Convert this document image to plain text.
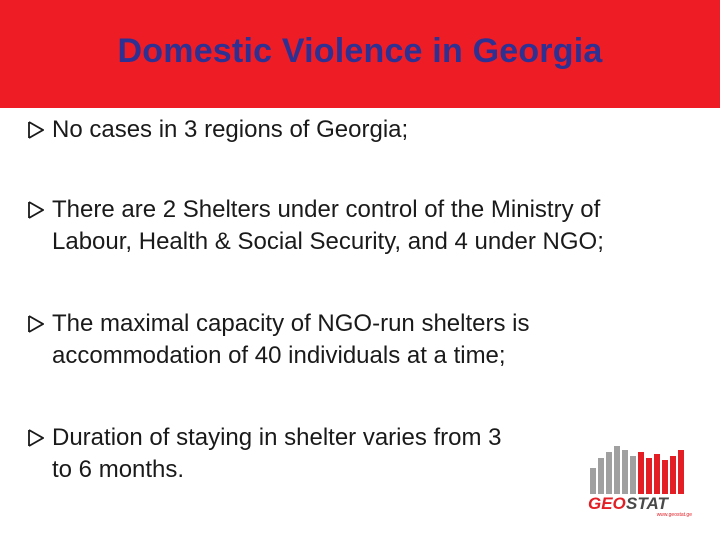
Domestic Violence in Georgia
No cases in 3 regions of Georgia;
There are 2 Shelters under control of the Ministry of
Labour, Health & Social Security, and 4 under NGO;
The maximal capacity of NGO-run shelters is
accommodation of 40 individuals at a time;
Duration of staying in shelter varies from 3
to 6 months.
GEO STAT
www.geostat.ge
